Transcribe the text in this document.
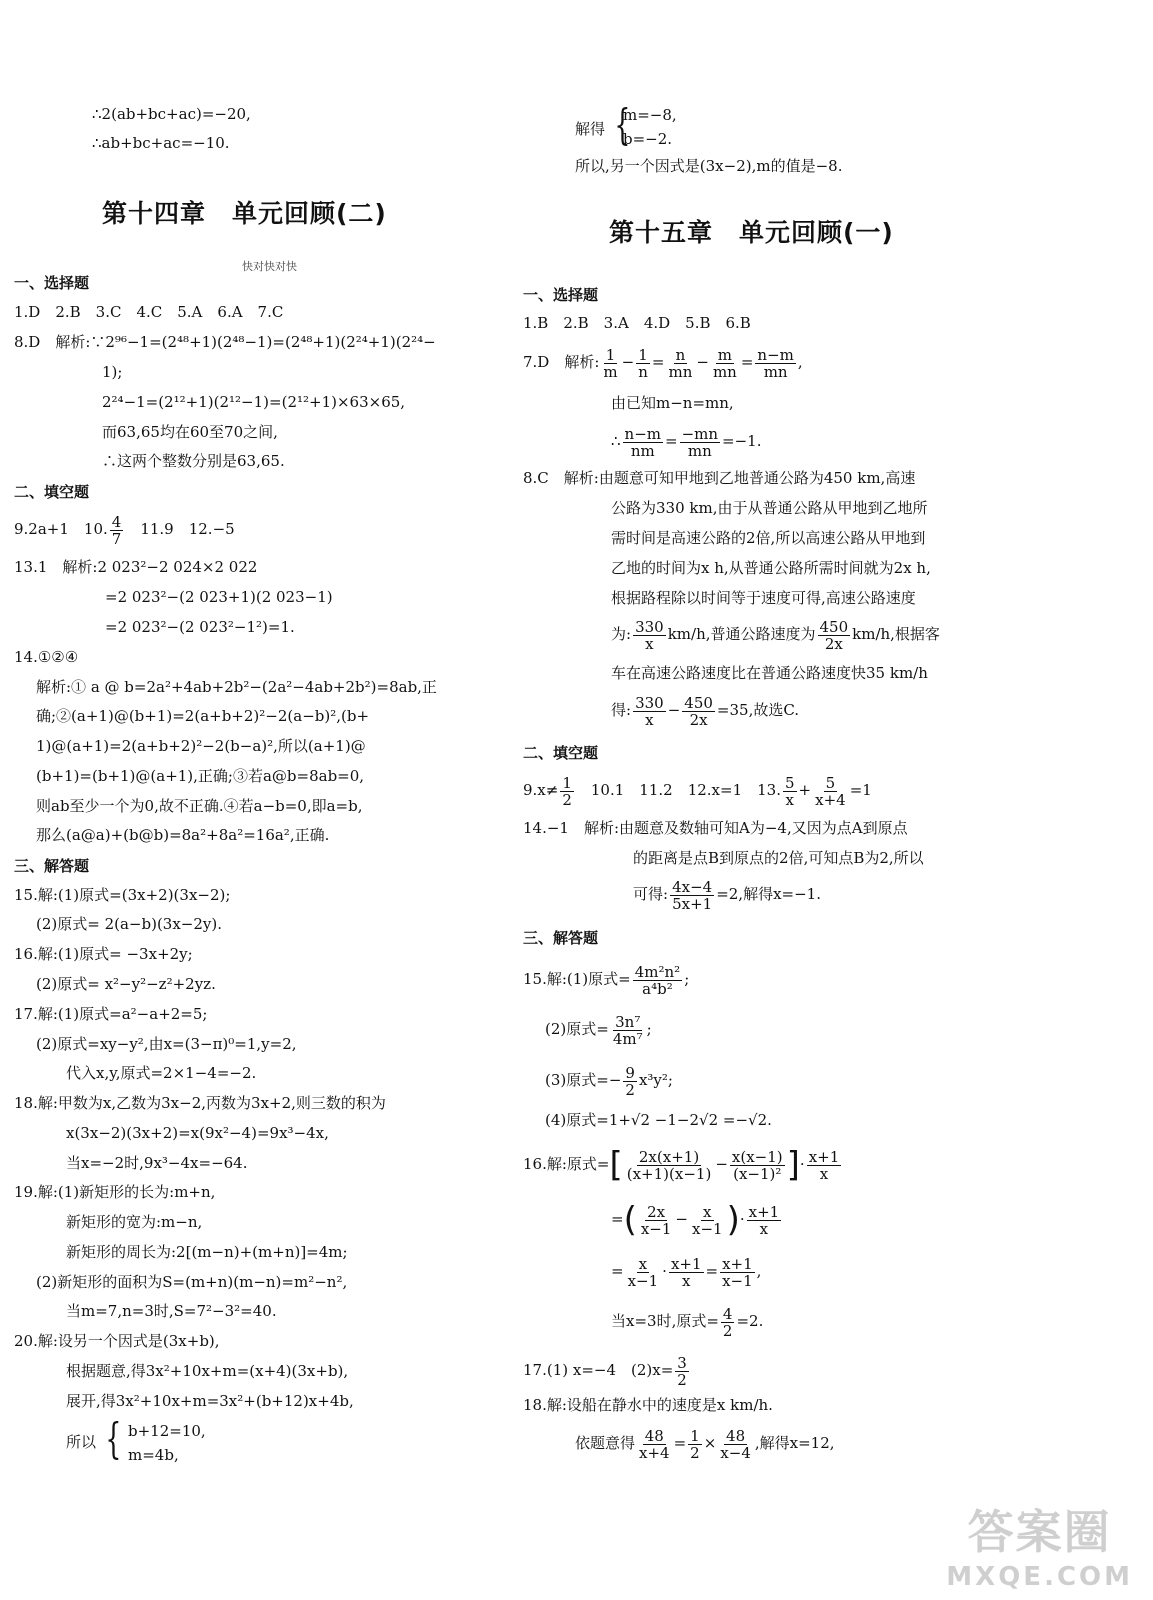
∴2(ab+bc+ac)=−20,
∴ab+bc+ac=−10.
第十四章　单元回顾(二)
快对快对快
一、选择题
1.D　2.B　3.C　4.C　5.A　6.A　7.C
8.D　解析:∵2⁹⁶−1=(2⁴⁸+1)(2⁴⁸−1)=(2⁴⁸+1)(2²⁴+1)(2²⁴−
1);
2²⁴−1=(2¹²+1)(2¹²−1)=(2¹²+1)×63×65,
而63,65均在60至70之间,
∴这两个整数分别是63,65.
二、填空题
9.2a+1　10. $\frac{4}{7}$ 　11.9　12.−5
13.1　解析:2 023²−2 024×2 022
=2 023²−(2 023+1)(2 023−1)
=2 023²−(2 023²−1²)=1.
14.①②④
解析:① a @ b=2a²+4ab+2b²−(2a²−4ab+2b²)=8ab,正
确;②(a+1)@(b+1)=2(a+b+2)²−2(a−b)²,(b+
1)@(a+1)=2(a+b+2)²−2(b−a)²,所以(a+1)@
(b+1)=(b+1)@(a+1),正确;③若a@b=8ab=0,
则ab至少一个为0,故不正确.④若a−b=0,即a=b,
那么(a@a)+(b@b)=8a²+8a²=16a²,正确.
三、解答题
15.解:(1)原式=(3x+2)(3x−2);
(2)原式= 2(a−b)(3x−2y).
16.解:(1)原式= −3x+2y;
(2)原式= x²−y²−z²+2yz.
17.解:(1)原式=a²−a+2=5;
(2)原式=xy−y²,由x=(3−π)⁰=1,y=2,
代入x,y,原式=2×1−4=−2.
18.解:甲数为x,乙数为3x−2,丙数为3x+2,则三数的积为
x(3x−2)(3x+2)=x(9x²−4)=9x³−4x,
当x=−2时,9x³−4x=−64.
19.解:(1)新矩形的长为:m+n,
新矩形的宽为:m−n,
新矩形的周长为:2[(m−n)+(m+n)]=4m;
(2)新矩形的面积为S=(m+n)(m−n)=m²−n²,
当m=7,n=3时,S=7²−3²=40.
20.解:设另一个因式是(3x+b),
根据题意,得3x²+10x+m=(x+4)(3x+b),
展开,得3x²+10x+m=3x²+(b+12)x+4b,
所以 { b+12=10,
m=4b,
解得 {
m=−8,
b=−2.
所以,另一个因式是(3x−2),m的值是−8.
第十五章　单元回顾(一)
一、选择题
1.B　2.B　3.A　4.D　5.B　6.B
7.D　解析: $\frac{1}{m} - \frac{1}{n} = \frac{n}{mn} - \frac{m}{mn} = \frac{n-m}{mn}$ ,
由已知m−n=mn,
∴ $\frac{n-m}{nm} = \frac{-mn}{mn} =-1$.
8.C　解析:由题意可知甲地到乙地普通公路为450 km,高速
公路为330 km,由于从普通公路从甲地到乙地所
需时间是高速公路的2倍,所以高速公路从甲地到
乙地的时间为x h,从普通公路所需时间就为2x h,
根据路程除以时间等于速度可得,高速公路速度
为: $\frac{330}{x} km/h$,普通公路速度为 $\frac{450}{2x} km/h$,根据客
车在高速公路速度比在普通公路速度快35 km/h
得: $\frac{330}{x} - \frac{450}{2x} =35$,故选C.
二、填空题
$9.x\ne \frac{1}{2}$ 　10.1　11.2　12.x=1　13. $\frac{5}{x} + \frac{5}{x+4} =1$
14.−1　解析:由题意及数轴可知A为−4,又因为点A到原点
的距离是点B到原点的2倍,可知点B为2,所以
可得: $\frac{4x-4}{5x+1} =2$,解得x=−1.
三、解答题
15.解:(1)原式= $\frac{\text{4m²n²}}{\text{a⁴b²}}$ ;
(2)原式= $\frac{\text{3n⁷}}{\text{4m⁷}}$ ;
(3)原式=− $\frac{9}{2} x^3y^2$;
(4)原式=1+√2 −1−2√2 =−√2.
16.解:原式=[ $\frac{2x(x+1)}{(x+1)(x-1)} - \frac{x(x-1)}{\text{(x−1)²}}$ ]· $\frac{x+1}{x}$
=( $\frac{2x}{x-1} - \frac{x}{x-1}$ )· $\frac{x+1}{x}$
= $\frac{x}{x-1} \cdot \frac{x+1}{x} = \frac{x+1}{x-1}$ ,
当x=3时,原式= $\frac{4}{2} =2$.
17.(1) x=−4　$(2)x= \frac{3}{2}$
18.解:设船在静水中的速度是x km/h.
依题意得 $\frac{48}{x+4} = \frac{1}{2} \times \frac{48}{x-4}$ ,解得x=12,
答案圈
MXQE.COM
